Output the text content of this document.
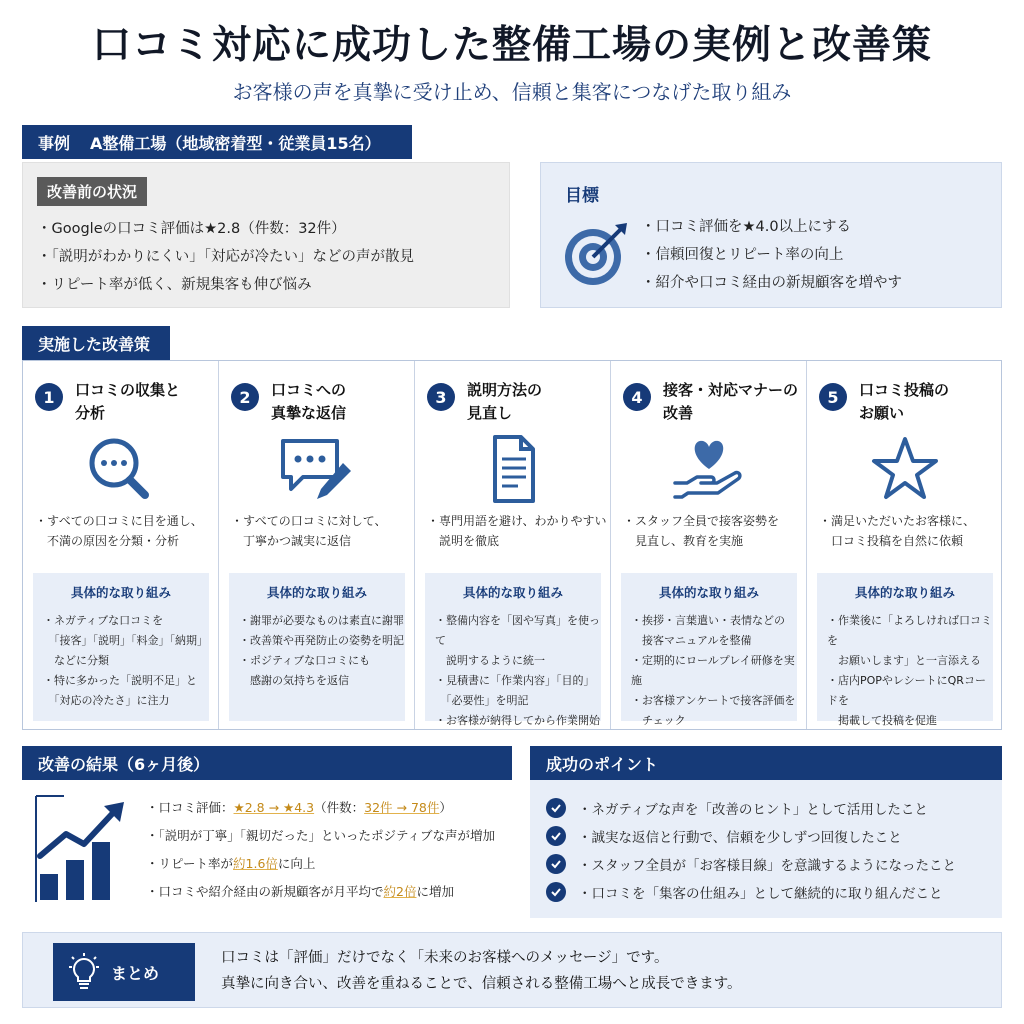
口コミ対応に成功した整備工場の実例と改善策
お客様の声を真摯に受け止め、信頼と集客につなげた取り組み
事例 A整備工場（地域密着型・従業員15名）
改善前の状況
・Googleの口コミ評価は★2.8（件数：32件）
・「説明がわかりにくい」「対応が冷たい」などの声が散見
・リピート率が低く、新規集客も伸び悩み
目標
・口コミ評価を★4.0以上にする
・信頼回復とリピート率の向上
・紹介や口コミ経由の新規顧客を増やす
実施した改善策
1	口コミの収集と
分析
・すべての口コミに目を通し、
　不満の原因を分類・分析
具体的な取り組み
・ネガティブな口コミを
　「接客」「説明」「料金」「納期」
　などに分類
・特に多かった「説明不足」と
　「対応の冷たさ」に注力
2	口コミへの
真摯な返信
・すべての口コミに対して、
　丁寧かつ誠実に返信
具体的な取り組み
・謝罪が必要なものは素直に謝罪
・改善策や再発防止の姿勢を明記
・ポジティブな口コミにも
　感謝の気持ちを返信
3	説明方法の
見直し
・専門用語を避け、わかりやすい
　説明を徹底
具体的な取り組み
・整備内容を「図や写真」を使って
　説明するように統一
・見積書に「作業内容」「目的」
　「必要性」を明記
・お客様が納得してから作業開始
4	接客・対応マナーの
改善
・スタッフ全員で接客姿勢を
　見直し、教育を実施
具体的な取り組み
・挨拶・言葉遣い・表情などの
　接客マニュアルを整備
・定期的にロールプレイ研修を実施
・お客様アンケートで接客評価を
　チェック
5	口コミ投稿の
お願い
・満足いただいたお客様に、
　口コミ投稿を自然に依頼
具体的な取り組み
・作業後に「よろしければ口コミを
　お願いします」と一言添える
・店内POPやレシートにQRコードを
　掲載して投稿を促進
改善の結果（6ヶ月後）
・口コミ評価：★2.8 → ★4.3（件数：32件 → 78件）
・「説明が丁寧」「親切だった」といったポジティブな声が増加
・リピート率が約1.6倍に向上
・口コミや紹介経由の新規顧客が月平均で約2倍に増加
成功のポイント
・ネガティブな声を「改善のヒント」として活用したこと
・誠実な返信と行動で、信頼を少しずつ回復したこと
・スタッフ全員が「お客様目線」を意識するようになったこと
・口コミを「集客の仕組み」として継続的に取り組んだこと
まとめ
口コミは「評価」だけでなく「未来のお客様へのメッセージ」です。
真摯に向き合い、改善を重ねることで、信頼される整備工場へと成長できます。
